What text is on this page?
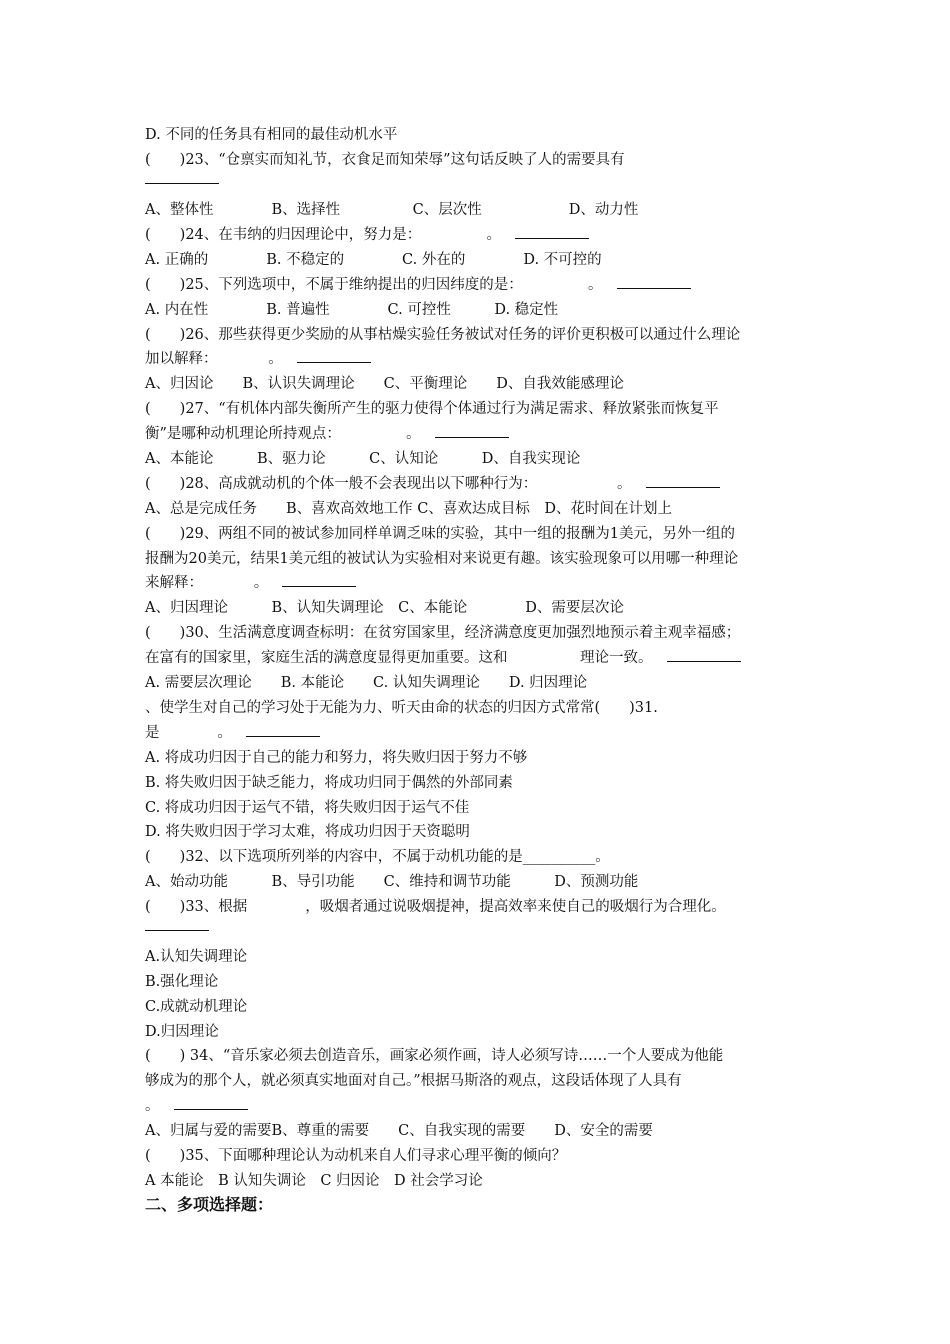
D. 不同的任务具有相同的最佳动机水平
(　　)23、“仓禀实而知礼节，衣食足而知荣辱”这句话反映了人的需要具有
A、整体性　　　　B、选择性　　　　　C、层次性　　　　　　D、动力性
(　　)24、在韦纳的归因理论中，努力是：　　　　　。
A. 正确的　　　　B. 不稳定的　　　　C. 外在的　　　　D. 不可控的
(　　)25、下列选项中，不属于维纳提出的归因纬度的是：　　　　　。
A. 内在性　　　　B. 普遍性　　　　C. 可控性　　　D. 稳定性
(　　)26、那些获得更少奖励的从事枯燥实验任务被试对任务的评价更积极可以通过什么理论
加以解释：　　　　。
A、归因论　　B、认识失调理论　　C、平衡理论　　D、自我效能感理论
(　　)27、“有机体内部失衡所产生的驱力使得个体通过行为满足需求、释放紧张而恢复平
衡”是哪种动机理论所持观点：　　　　　。
A、本能论　　　B、驱力论　　　C、认知论　　　D、自我实现论
(　　)28、高成就动机的个体一般不会表现出以下哪种行为：　　　　　　。
A、总是完成任务　　B、喜欢高效地工作 C、喜欢达成目标　D、花时间在计划上
(　　)29、两组不同的被试参加同样单调乏味的实验，其中一组的报酬为1美元，另外一组的
报酬为20美元，结果1美元组的被试认为实验相对来说更有趣。该实验现象可以用哪一种理论
来解释：　　　　。
A、归因理论　　　B、认知失调理论　C、本能论　　　　D、需要层次论
(　　)30、生活满意度调查标明：在贫穷国家里，经济满意度更加强烈地预示着主观幸福感；
在富有的国家里，家庭生活的满意度显得更加重要。这和　　　　　理论一致。
A. 需要层次理论　　B. 本能论　　C. 认知失调理论　　D. 归因理论
、使学生对自己的学习处于无能为力、听天由命的状态的归因方式常常(　　)31.
是　　　　。
A. 将成功归因于自己的能力和努力，将失败归因于努力不够
B. 将失败归因于缺乏能力，将成功归同于偶然的外部同素
C. 将成功归因于运气不错，将失败归因于运气不佳
D. 将失败归因于学习太难，将成功归因于天资聪明
(　　)32、以下选项所列举的内容中，不属于动机功能的是__________。
A、始动功能　　　B、导引功能　　C、维持和调节功能　　　D、预测功能
(　　)33、根据　　　　，吸烟者通过说吸烟提神，提高效率来使自己的吸烟行为合理化。
A.认知失调理论
B.强化理论
C.成就动机理论
D.归因理论
(　　) 34、“音乐家必须去创造音乐，画家必须作画，诗人必须写诗……一个人要成为他能
够成为的那个人，就必须真实地面对自己。”根据马斯洛的观点，这段话体现了人具有
。
A、归属与爱的需要B、尊重的需要　　C、自我实现的需要　　D、安全的需要
(　　)35、下面哪种理论认为动机来自人们寻求心理平衡的倾向？
A 本能论　B 认知失调论　C 归因论　D 社会学习论
二、多项选择题：
